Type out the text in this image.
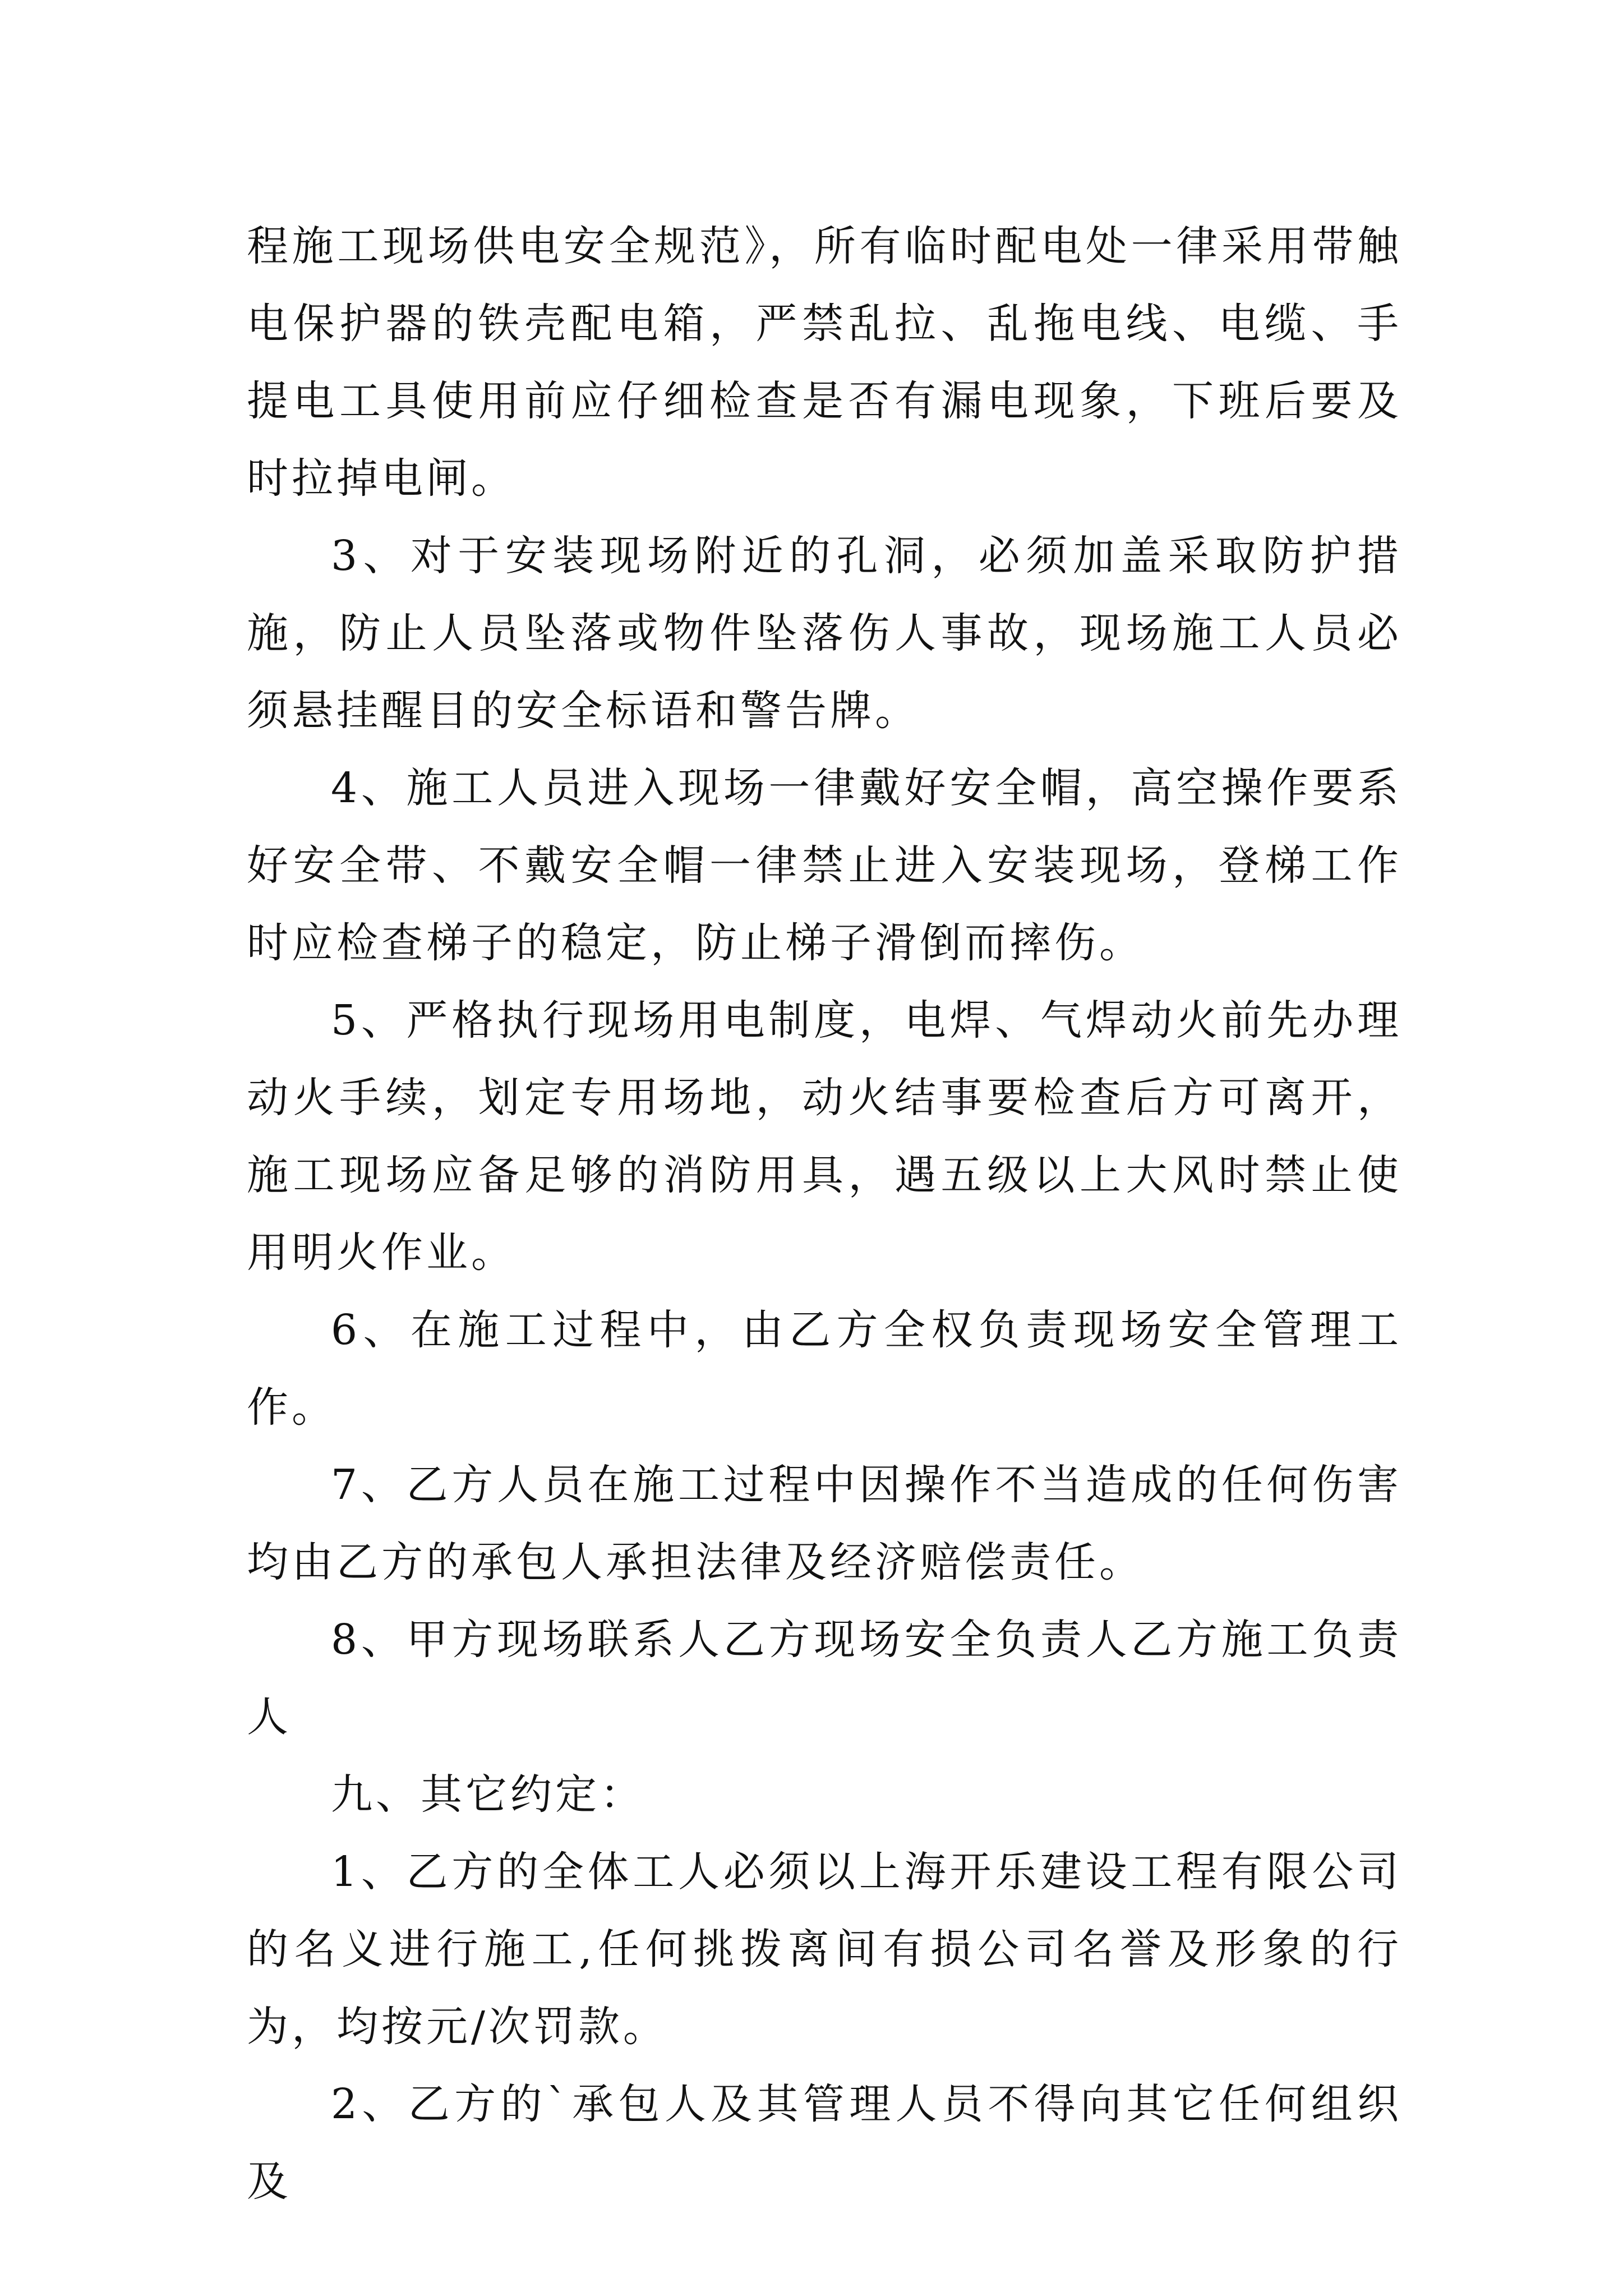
程施工现场供电安全规范》，所有临时配电处一律采用带触电保护器的铁壳配电箱，严禁乱拉、乱拖电线、电缆、手提电工具使用前应仔细检查是否有漏电现象，下班后要及时拉掉电闸。

3、对于安装现场附近的孔洞，必须加盖采取防护措施，防止人员坠落或物件坠落伤人事故，现场施工人员必须悬挂醒目的安全标语和警告牌。

4、施工人员进入现场一律戴好安全帽，高空操作要系好安全带、不戴安全帽一律禁止进入安装现场，登梯工作时应检查梯子的稳定，防止梯子滑倒而摔伤。

5、严格执行现场用电制度，电焊、气焊动火前先办理动火手续，划定专用场地，动火结事要检查后方可离开，施工现场应备足够的消防用具，遇五级以上大风时禁止使用明火作业。

6、在施工过程中，由乙方全权负责现场安全管理工作。

7、乙方人员在施工过程中因操作不当造成的任何伤害均由乙方的承包人承担法律及经济赔偿责任。

8、甲方现场联系人乙方现场安全负责人乙方施工负责人

九、其它约定：

1、乙方的全体工人必须以上海开乐建设工程有限公司的名义进行施工,任何挑拨离间有损公司名誉及形象的行为，均按元/次罚款。

2、乙方的`承包人及其管理人员不得向其它任何组织及
